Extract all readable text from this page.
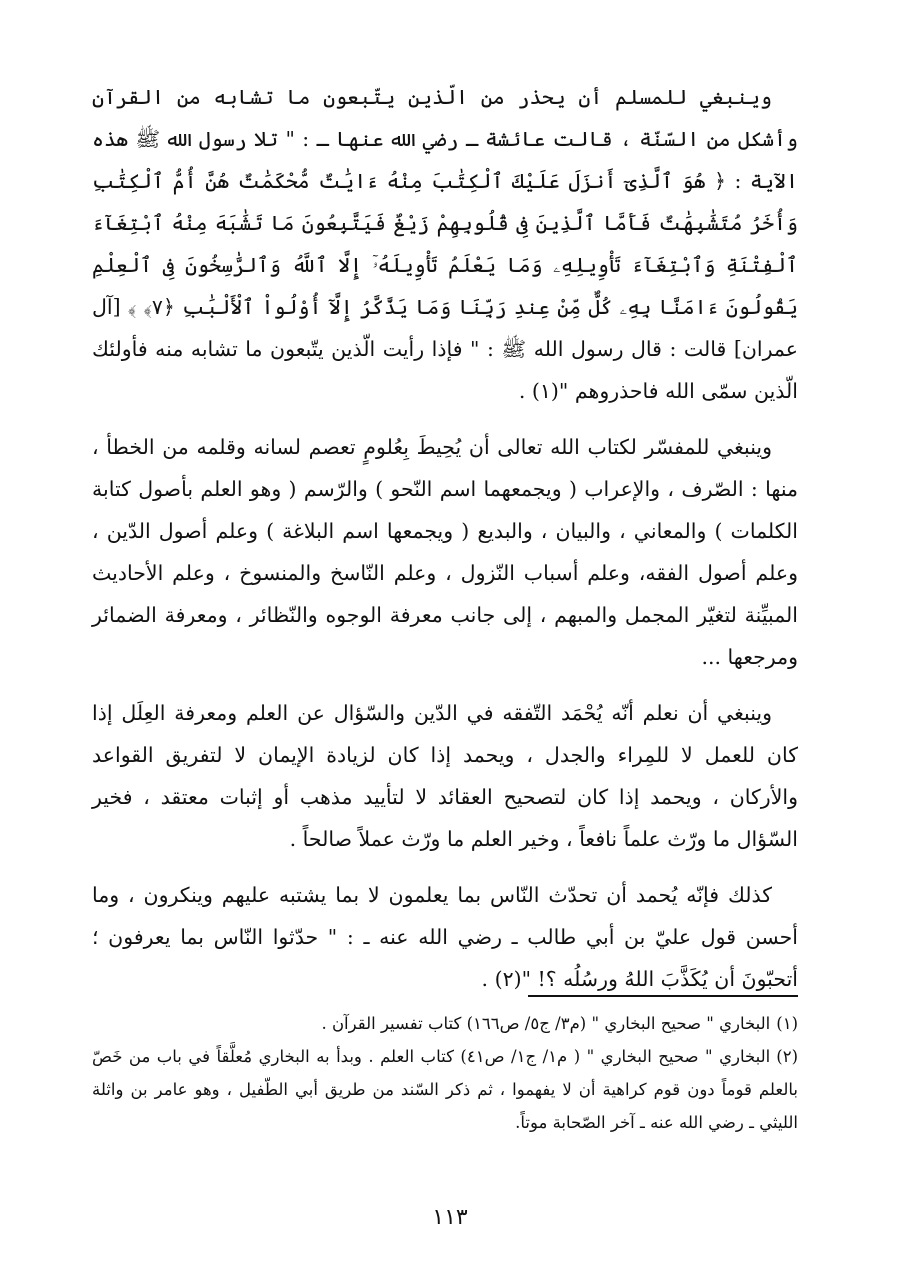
وينبغي للمسلم أن يحذر من الّذين يتّبعون ما تشابه من القرآن وأشكل من السّنّة ، قالت عائشة ـ رضي الله عنها ـ : " تلا رسول الله ﷺ هذه الآية : ﴿ هُوَ ٱلَّذِىٓ أَنزَلَ عَلَيْكَ ٱلْكِتَٰبَ مِنْهُ ءَايَٰتٌ مُّحْكَمَٰتٌ هُنَّ أُمُّ ٱلْكِتَٰبِ وَأُخَرُ مُتَشَٰبِهَٰتٌ فَأَمَّا ٱلَّذِينَ فِى قُلُوبِهِمْ زَيْغٌ فَيَتَّبِعُونَ مَا تَشَٰبَهَ مِنْهُ ٱبْتِغَآءَ ٱلْفِتْنَةِ وَٱبْتِغَآءَ تَأْوِيلِهِۦ وَمَا يَعْلَمُ تَأْوِيلَهُۥٓ إِلَّا ٱللَّهُ وَٱلرَّٰسِخُونَ فِى ٱلْعِلْمِ يَقُولُونَ ءَامَنَّا بِهِۦ كُلٌّ مِّنْ عِندِ رَبِّنَا وَمَا يَذَّكَّرُ إِلَّآ أُوْلُواْ ٱلْأَلْبَٰبِ ﴿٧﴾ ﴾ [آل عمران] قالت : قال رسول الله ﷺ : " فإذا رأيت الّذين يتّبعون ما تشابه منه فأولئك الّذين سمّى الله فاحذروهم "(١) .

وينبغي للمفسّر لكتاب الله تعالى أن يُحِيطَ بِعُلومٍ تعصم لسانه وقلمه من الخطأ ، منها : الصّرف ، والإعراب ( ويجمعهما اسم النّحو ) والرّسم ( وهو العلم بأصول كتابة الكلمات ) والمعاني ، والبيان ، والبديع ( ويجمعها اسم البلاغة ) وعلم أصول الدّين ، وعلم أصول الفقه، وعلم أسباب النّزول ، وعلم النّاسخ والمنسوخ ، وعلم الأحاديث المبيِّنة لتغيّر المجمل والمبهم ، إلى جانب معرفة الوجوه والنّظائر ، ومعرفة الضمائر ومرجعها ...

وينبغي أن نعلم أنّه يُحْمَد التّفقه في الدّين والسّؤال عن العلم ومعرفة العِلَل إذا كان للعمل لا للمِراء والجدل ، ويحمد إذا كان لزيادة الإيمان لا لتفريق القواعد والأركان ، ويحمد إذا كان لتصحيح العقائد لا لتأييد مذهب أو إثبات معتقد ، فخير السّؤال ما ورّث علماً نافعاً ، وخير العلم ما ورّث عملاً صالحاً .

كذلك فإنّه يُحمد أن تحدّث النّاس بما يعلمون لا بما يشتبه عليهم وينكرون ، وما أحسن قول عليّ بن أبي طالب ـ رضي الله عنه ـ : " حدّثوا النّاس بما يعرفون ؛ أتحبّونَ أن يُكَذَّبَ اللهُ ورسُلُه ؟! "(٢) .

(١)البخاري " صحيح البخاري " (م٣/ ج٥/ ص١٦٦) كتاب تفسير القرآن .

(٢)البخاري " صحيح البخاري " ( م١/ ج١/ ص٤١) كتاب العلم . وبدأ به البخاري مُعلَّقاً في باب من خَصّ بالعلم قوماً دون قوم كراهية أن لا يفهموا ، ثم ذكر السّند من طريق أبي الطّفيل ، وهو عامر بن واثلة الليثي ـ رضي الله عنه ـ آخر الصّحابة موتاً.

١١٣
